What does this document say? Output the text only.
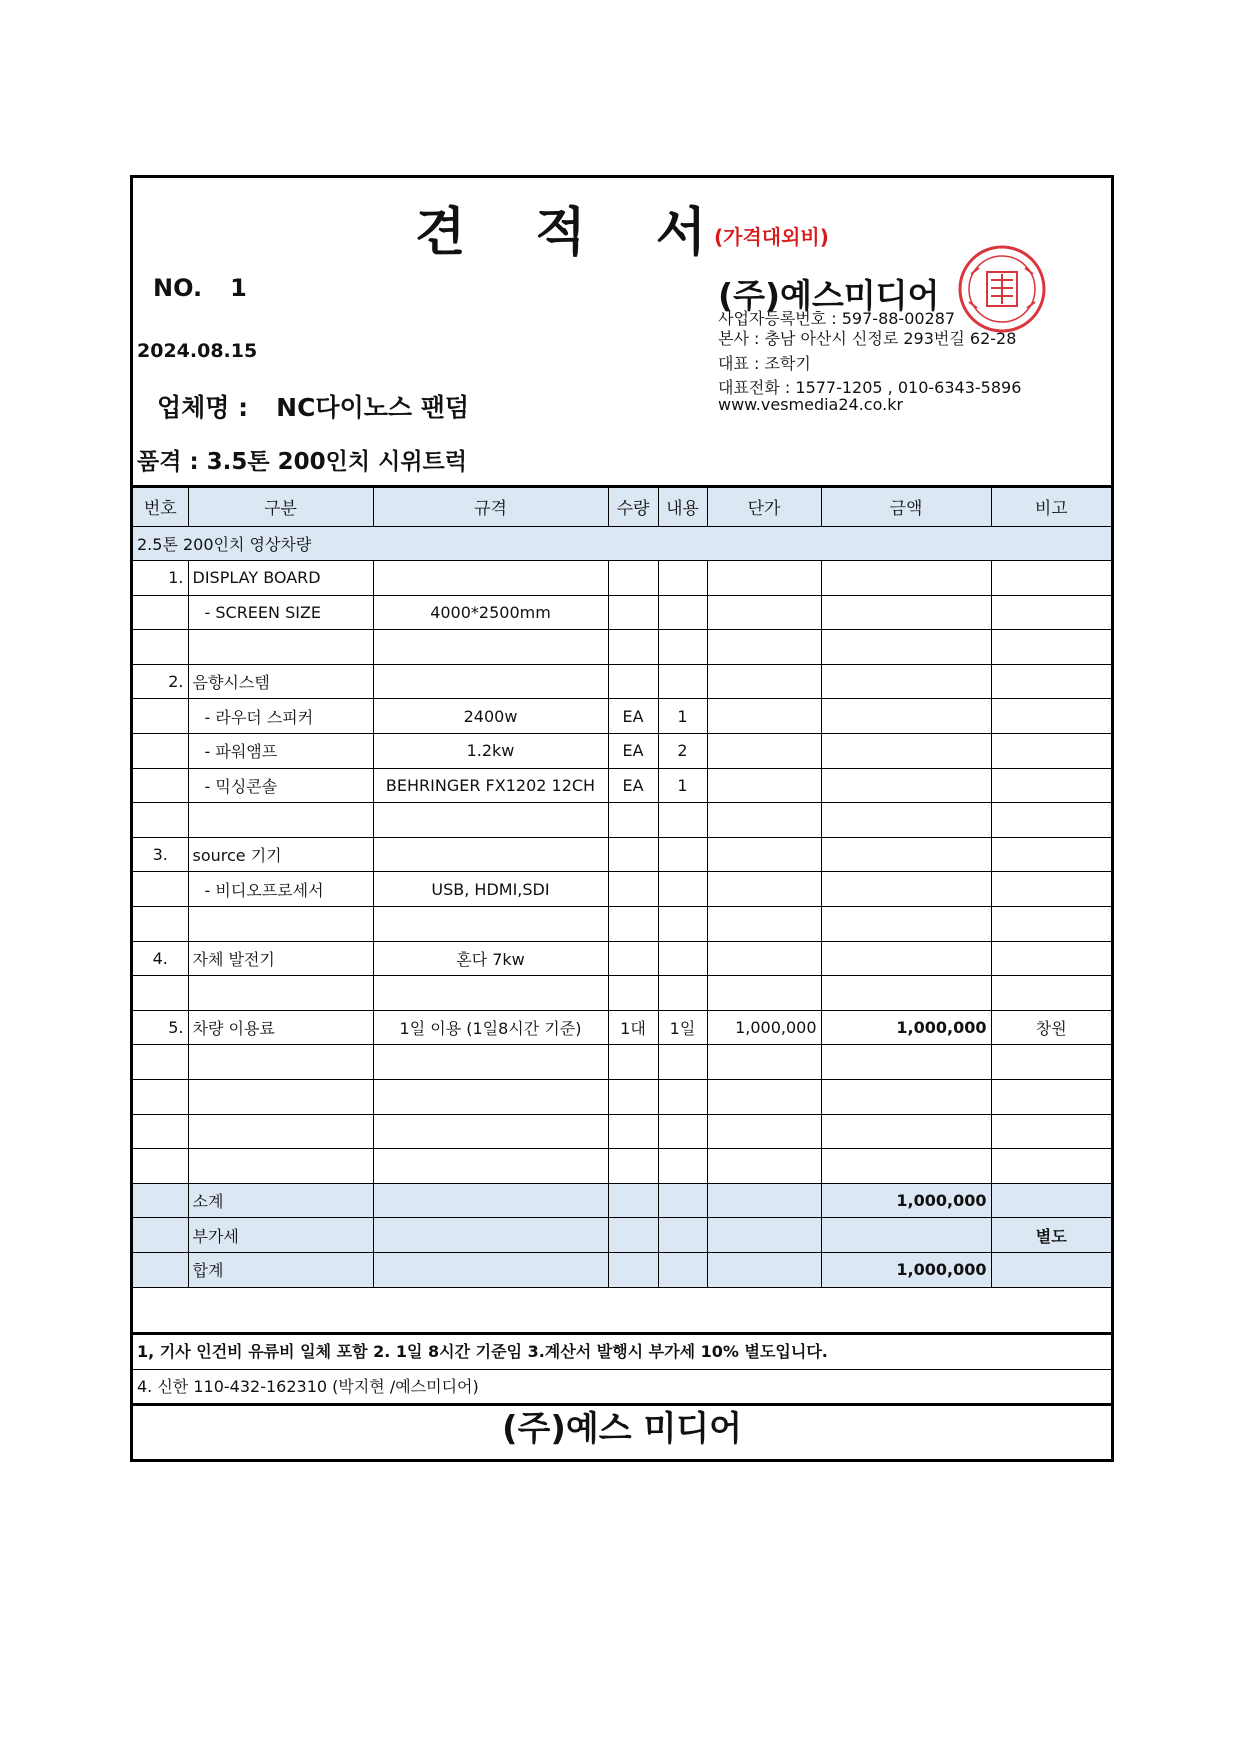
견 적 서$^{(가격대외비)}$
NO. 1
2024.08.15
업체명 : NC다이노스 팬덤
품격 : 3.5톤 200인치 시위트럭
(주)예스미디어
사업자등록번호 : 597-88-00287
본사 : 충남 아산시 신정로 293번길 62-28
대표 : 조학기
대표전화 : 1577-1205 , 010-6343-5896
www.vesmedia24.co.kr
번호	구분	규격	수량	내용	단가	금액	비고
2.5톤 200인치 영상차량							
1.	DISPLAY BOARD						
	- SCREEN SIZE	4000*2500mm					

2.	음향시스템						
	- 라우더 스피커	2400w	EA	1			
	- 파워앰프	1.2kw	EA	2			
	- 믹싱콘솔	BEHRINGER FX1202 12CH	EA	1			

3.	source 기기						
	- 비디오프로세서	USB, HDMI,SDI					

4.	자체 발전기	혼다 7kw					

5.	차량 이용료	1일 이용 (1일8시간 기준)	1대	1일	1,000,000	1,000,000	창원

	소계					1,000,000	
	부가세						별도
	합계					1,000,000	
1, 기사 인건비 유류비 일체 포함 2. 1일 8시간 기준임 3.계산서 발행시 부가세 10% 별도입니다.
4. 신한 110-432-162310 (박지현 /예스미디어)
(주)예스 미디어
